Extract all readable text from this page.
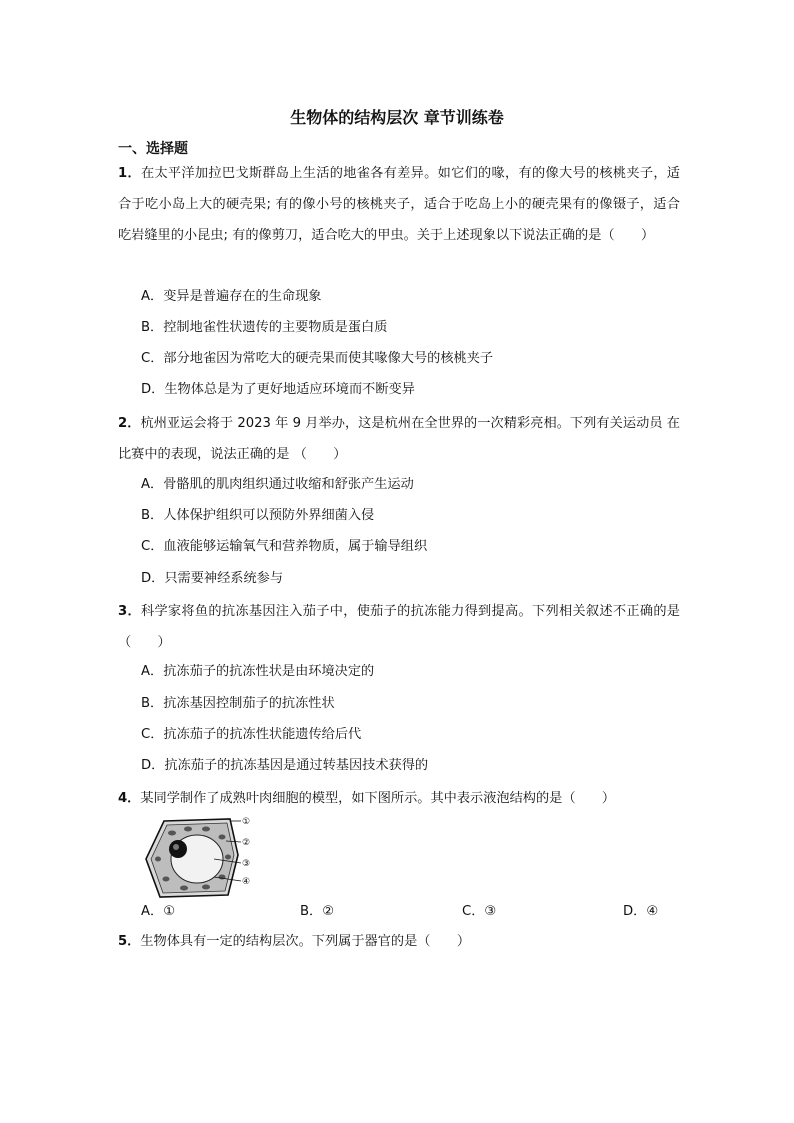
生物体的结构层次 章节训练卷
一、选择题
1．在太平洋加拉巴戈斯群岛上生活的地雀各有差异。如它们的喙，有的像大号的核桃夹子，适合于吃小岛上大的硬壳果; 有的像小号的核桃夹子，适合于吃岛上小的硬壳果有的像镊子，适合吃岩缝里的小昆虫; 有的像剪刀，适合吃大的甲虫。关于上述现象以下说法正确的是（　　）
A．变异是普遍存在的生命现象
B．控制地雀性状遗传的主要物质是蛋白质
C．部分地雀因为常吃大的硬壳果而使其喙像大号的核桃夹子
D．生物体总是为了更好地适应环境而不断变异
2．杭州亚运会将于 2023 年 9 月举办，这是杭州在全世界的一次精彩亮相。下列有关运动员 在比赛中的表现，说法正确的是 （　　）
A．骨骼肌的肌肉组织通过收缩和舒张产生运动
B．人体保护组织可以预防外界细菌入侵
C．血液能够运输氧气和营养物质，属于输导组织
D．只需要神经系统参与
3．科学家将鱼的抗冻基因注入茄子中，使茄子的抗冻能力得到提高。下列相关叙述不正确的是（　　）
A．抗冻茄子的抗冻性状是由环境决定的
B．抗冻基因控制茄子的抗冻性状
C．抗冻茄子的抗冻性状能遗传给后代
D．抗冻茄子的抗冻基因是通过转基因技术获得的
4．某同学制作了成熟叶肉细胞的模型，如下图所示。其中表示液泡结构的是（　　）
①
②
③
④
A．①	B．②	C．③	D．④
5．生物体具有一定的结构层次。下列属于器官的是（　　）
